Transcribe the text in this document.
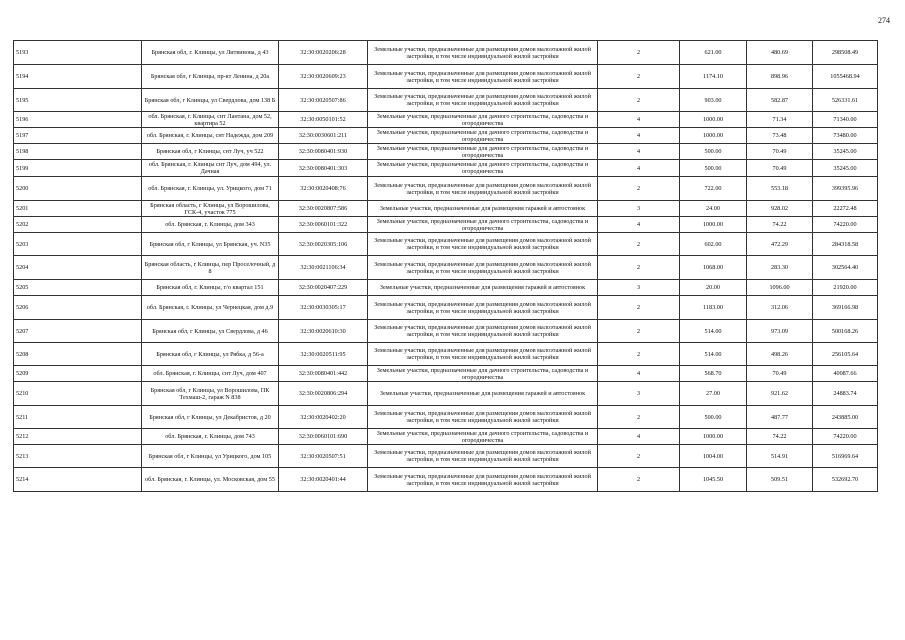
274
5193	Брянская обл, г. Клинцы, ул Литвинова, д 43	32:30:0020206:28	Земельные участки, предназначенные для размещения домов малоэтажной жилой застройки, в том числе индивидуальной жилой застройки	2	621.00	480.69	298508.49
5194	Брянская обл, г Клинцы, пр-кт Ленина, д 20а	32:30:0020609:23	Земельные участки, предназначенные для размещения домов малоэтажной жилой застройки, в том числе индивидуальной жилой застройки	2	1174.10	898.96	1055468.94
5195	Брянская обл, г Клинцы, ул Свердлова, дом 138 Б	32:30:0020507:86	Земельные участки, предназначенные для размещения домов малоэтажной жилой застройки, в том числе индивидуальной жилой застройки	2	903.00	582.87	526331.61
5196	обл. Брянская, г. Клинцы, снт Лантана, дом 52, квартира 52	32:30:0050101:52	Земельные участки, предназначенные для дачного строительства, садоводства и огородничества	4	1000.00	71.34	71340.00
5197	обл. Брянская, г. Клинцы, снт Надежда, дом 209	32:30:0030601:211	Земельные участки, предназначенные для дачного строительства, садоводства и огородничества	4	1000.00	73.48	73480.00
5198	Брянская обл, г Клинцы, снт Луч, уч 522	32:30:0080401:930	Земельные участки, предназначенные для дачного строительства, садоводства и огородничества	4	500.00	70.49	35245.00
5199	обл. Брянская, г. Клинцы снт Луч, дом 494, ул. Дачная	32:30:0080401:303	Земельные участки, предназначенные для дачного строительства, садоводства и огородничества	4	500.00	70.49	35245.00
5200	обл. Брянская, г. Клинцы, ул. Урицкого, дом 71	32:30:0020408:76	Земельные участки, предназначенные для размещения домов малоэтажной жилой застройки, в том числе индивидуальной жилой застройки	2	722.00	553.18	399395.96
5201	Брянская область, г Клинцы, ул Ворошилова, ГСК-4, участок 775	32:30:0020807:586	Земельные участки, предназначенные для размещения гаражей и автостоянок	3	24.00	928.02	22272.48
5202	обл. Брянская, г. Клинцы, дом 343	32:30:0060101:322	Земельные участки, предназначенные для дачного строительства, садоводства и огородничества	4	1000.00	74.22	74220.00
5203	Брянская обл, г Клинцы, ул Брянская, уч. N35	32:30:0020305:106	Земельные участки, предназначенные для размещения домов малоэтажной жилой застройки, в том числе индивидуальной жилой застройки	2	602.00	472.29	284318.58
5204	Брянская область, г Клинцы, пер Проселочный, д 8	32:30:0021106:34	Земельные участки, предназначенные для размещения домов малоэтажной жилой застройки, в том числе индивидуальной жилой застройки	2	1068.00	283.30	302564.40
5205	Брянская обл, г. Клинцы, г/о квартал 151	32:30:0020407:229	Земельные участки, предназначенные для размещения гаражей и автостоянок	3	20.00	1096.00	21920.00
5206	обл. Брянская, г. Клинцы, ул Чернецкая, дом д.9	32:30:0030305:17	Земельные участки, предназначенные для размещения домов малоэтажной жилой застройки, в том числе индивидуальной жилой застройки	2	1183.00	312.06	369166.98
5207	Брянская обл, г Клинцы, ул Свердлова, д 46	32:30:0020610:30	Земельные участки, предназначенные для размещения домов малоэтажной жилой застройки, в том числе индивидуальной жилой застройки	2	514.00	973.09	500168.26
5208	Брянская обл, г Клинцы, ул Рябка, д 56-а	32:30:0020511:95	Земельные участки, предназначенные для размещения домов малоэтажной жилой застройки, в том числе индивидуальной жилой застройки	2	514.00	498.26	256105.64
5209	обл. Брянская, г. Клинцы, снт Луч, дом 407	32:30:0080401:442	Земельные участки, предназначенные для дачного строительства, садоводства и огородничества	4	568.70	70.49	40087.66
5210	Брянская обл, г Клинцы, ул Ворошилова, ПК Техмаш-2, гараж N 838	32:30:0020806:294	Земельные участки, предназначенные для размещения гаражей и автостоянок	3	27.00	921.62	24883.74
5211	Брянская обл, г Клинцы, ул Декабристов, д 20	32:30:0020402:20	Земельные участки, предназначенные для размещения домов малоэтажной жилой застройки, в том числе индивидуальной жилой застройки	2	500.00	487.77	243885.00
5212	обл. Брянская, г. Клинцы, дом 743	32:30:0060101:690	Земельные участки, предназначенные для дачного строительства, садоводства и огородничества	4	1000.00	74.22	74220.00
5213	Брянская обл, г Клинцы, ул Урицкого, дом 105	32:30:0020507:51	Земельные участки, предназначенные для размещения домов малоэтажной жилой застройки, в том числе индивидуальной жилой застройки	2	1004.00	514.91	516969.64
5214	обл. Брянская, г. Клинцы, ул. Московская, дом 55	32:30:0020401:44	Земельные участки, предназначенные для размещения домов малоэтажной жилой застройки, в том числе индивидуальной жилой застройки	2	1045.50	509.51	532692.70
